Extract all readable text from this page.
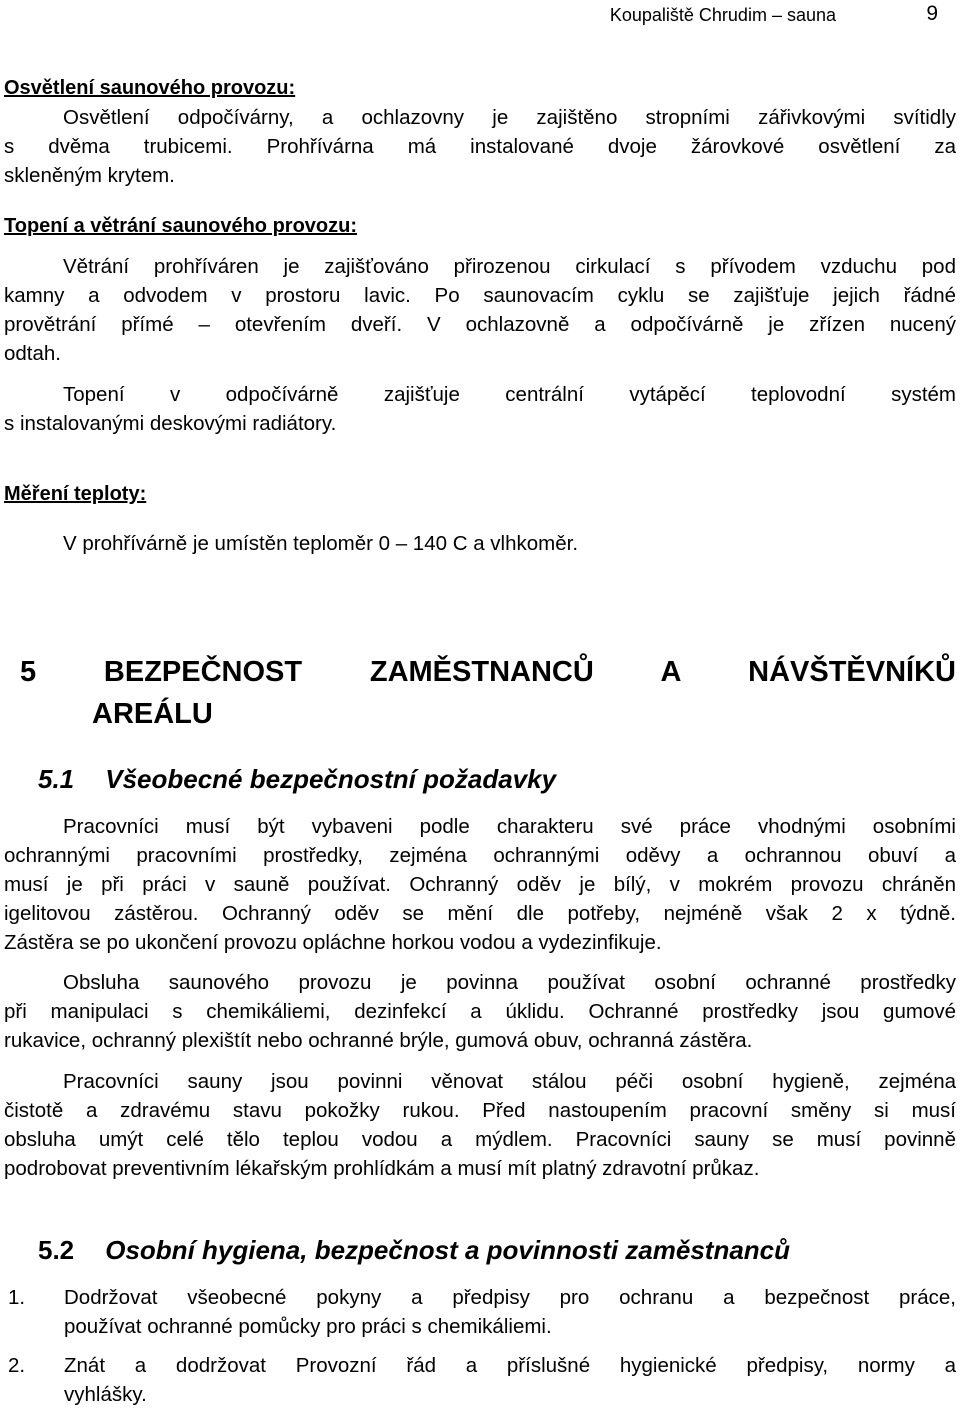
Koupaliště Chrudim – sauna	9
Osvětlení saunového provozu:
Osvětlení odpočívárny, a ochlazovny je zajištěno stropními zářivkovými svítidly
s dvěma trubicemi. Prohřívárna má instalované dvoje žárovkové osvětlení za
skleněným krytem.
Topení a větrání saunového provozu:
Větrání prohříváren je zajišťováno přirozenou cirkulací s přívodem vzduchu pod
kamny a odvodem v prostoru lavic. Po saunovacím cyklu se zajišťuje jejich řádné
provětrání přímé – otevřením dveří. V ochlazovně a odpočívárně je zřízen nucený
odtah.
Topení v odpočívárně zajišťuje centrální vytápěcí teplovodní systém
s instalovanými deskovými radiátory.
Měření teploty:
V prohřívárně je umístěn teploměr 0 – 140 C a vlhkoměr.
5 BEZPEČNOST ZAMĚSTNANCŮ A NÁVŠTĚVNÍKŮ
AREÁLU
5.1 Všeobecné bezpečnostní požadavky
Pracovníci musí být vybaveni podle charakteru své práce vhodnými osobními
ochrannými pracovními prostředky, zejména ochrannými oděvy a ochrannou obuví a
musí je při práci v sauně používat. Ochranný oděv je bílý, v mokrém provozu chráněn
igelitovou zástěrou. Ochranný oděv se mění dle potřeby, nejméně však 2 x týdně.
Zástěra se po ukončení provozu opláchne horkou vodou a vydezinfikuje.
Obsluha saunového provozu je povinna používat osobní ochranné prostředky
při manipulaci s chemikáliemi, dezinfekcí a úklidu. Ochranné prostředky jsou gumové
rukavice, ochranný plexištít nebo ochranné brýle, gumová obuv, ochranná zástěra.
Pracovníci sauny jsou povinni věnovat stálou péči osobní hygieně, zejména
čistotě a zdravému stavu pokožky rukou. Před nastoupením pracovní směny si musí
obsluha umýt celé tělo teplou vodou a mýdlem. Pracovníci sauny se musí povinně
podrobovat preventivním lékařským prohlídkám a musí mít platný zdravotní průkaz.
5.2 Osobní hygiena, bezpečnost a povinnosti zaměstnanců
1. Dodržovat všeobecné pokyny a předpisy pro ochranu a bezpečnost práce,
používat ochranné pomůcky pro práci s chemikáliemi.
2. Znát a dodržovat Provozní řád a příslušné hygienické předpisy, normy a
vyhlášky.
